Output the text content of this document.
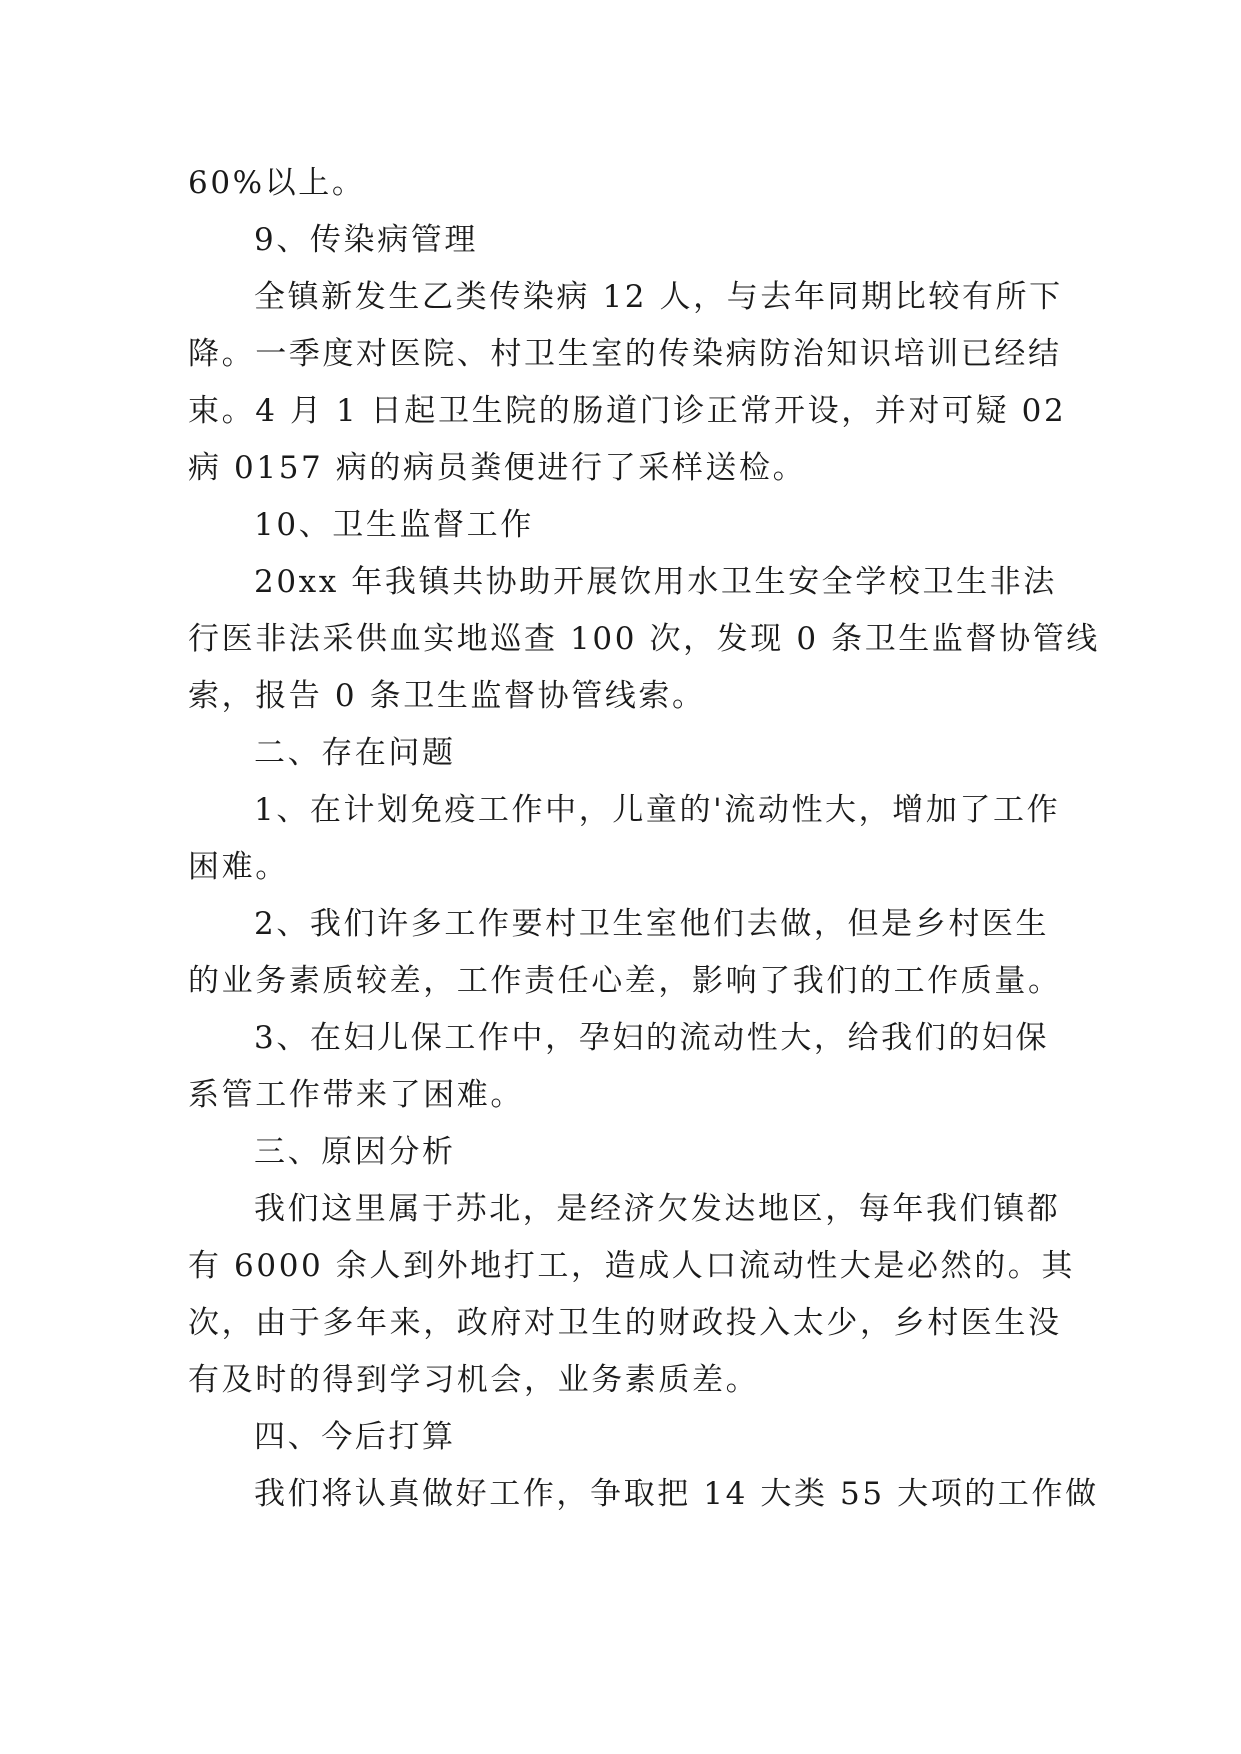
60%以上。
9、传染病管理
全镇新发生乙类传染病 12 人，与去年同期比较有所下
降。一季度对医院、村卫生室的传染病防治知识培训已经结
束。4 月 1 日起卫生院的肠道门诊正常开设，并对可疑 02
病 0157 病的病员粪便进行了采样送检。
10、卫生监督工作
20xx 年我镇共协助开展饮用水卫生安全学校卫生非法
行医非法采供血实地巡查 100 次，发现 0 条卫生监督协管线
索，报告 0 条卫生监督协管线索。
二、存在问题
1、在计划免疫工作中，儿童的'流动性大，增加了工作
困难。
2、我们许多工作要村卫生室他们去做，但是乡村医生
的业务素质较差，工作责任心差，影响了我们的工作质量。
3、在妇儿保工作中，孕妇的流动性大，给我们的妇保
系管工作带来了困难。
三、原因分析
我们这里属于苏北，是经济欠发达地区，每年我们镇都
有 6000 余人到外地打工，造成人口流动性大是必然的。其
次，由于多年来，政府对卫生的财政投入太少，乡村医生没
有及时的得到学习机会，业务素质差。
四、今后打算
我们将认真做好工作，争取把 14 大类 55 大项的工作做
